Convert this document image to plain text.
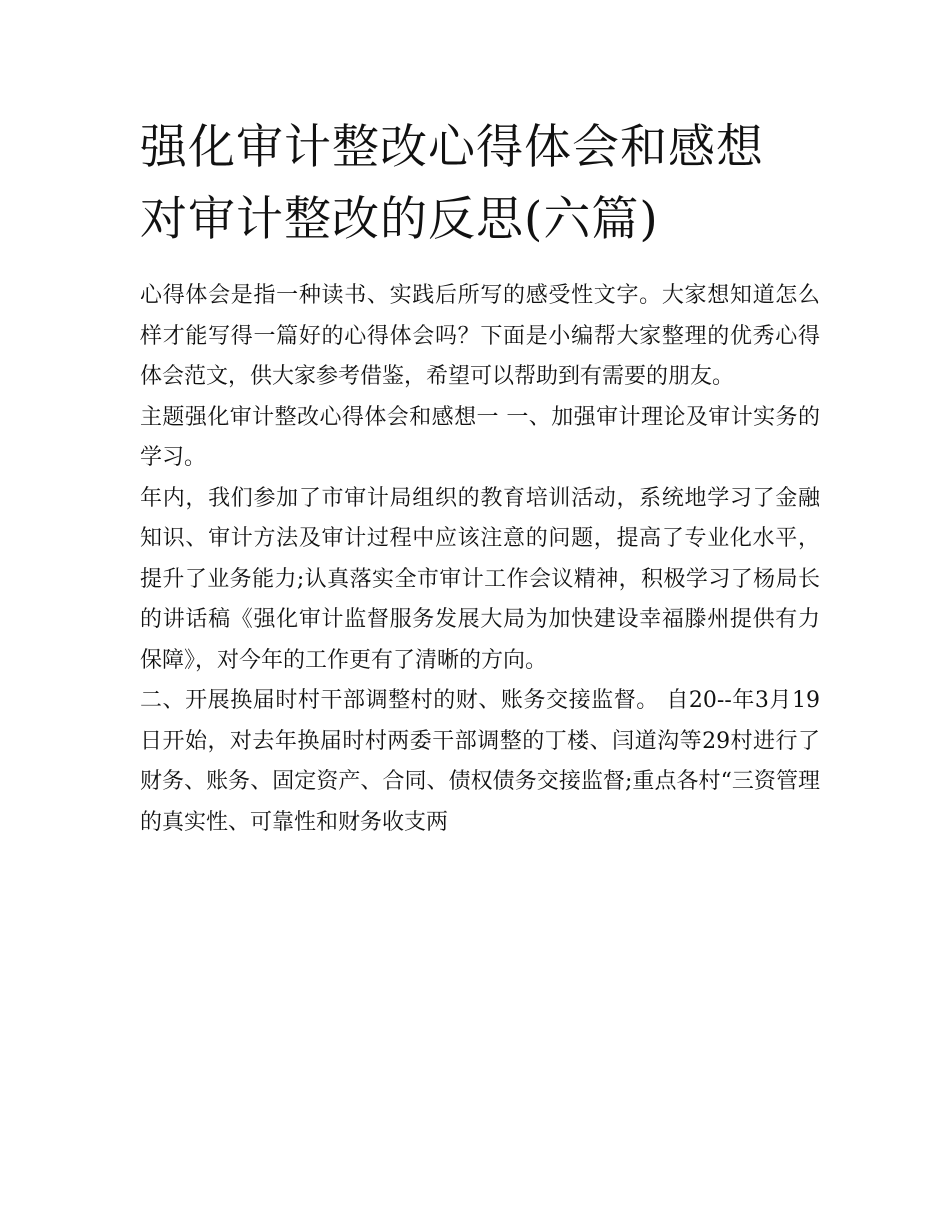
强化审计整改心得体会和感想
对审计整改的反思(六篇)

心得体会是指一种读书、实践后所写的感受性文字。大家想知道怎么样才能写得一篇好的心得体会吗？下面是小编帮大家整理的优秀心得体会范文，供大家参考借鉴，希望可以帮助到有需要的朋友。

主题强化审计整改心得体会和感想一 一、加强审计理论及审计实务的学习。

年内，我们参加了市审计局组织的教育培训活动，系统地学习了金融知识、审计方法及审计过程中应该注意的问题，提高了专业化水平，提升了业务能力;认真落实全市审计工作会议精神，积极学习了杨局长的讲话稿《强化审计监督服务发展大局为加快建设幸福滕州提供有力保障》，对今年的工作更有了清晰的方向。

二、开展换届时村干部调整村的财、账务交接监督。 自20--年3月19日开始，对去年换届时村两委干部调整的丁楼、闫道沟等29村进行了财务、账务、固定资产、合同、债权债务交接监督;重点各村“三资管理的真实性、可靠性和财务收支两
